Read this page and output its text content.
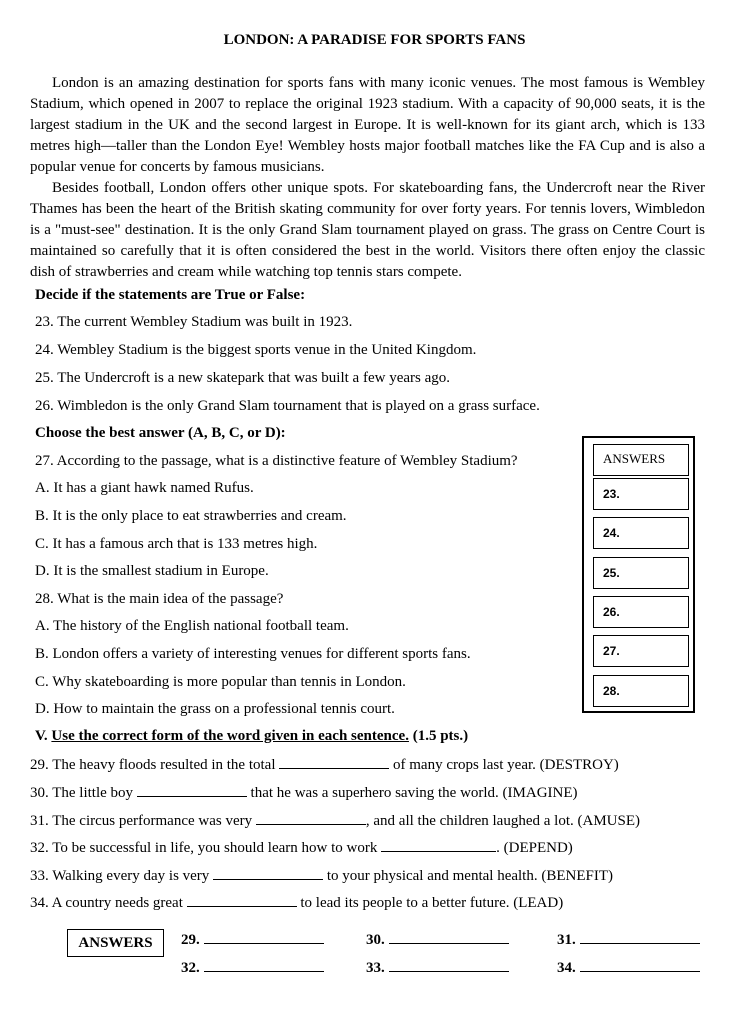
LONDON: A PARADISE FOR SPORTS FANS

London is an amazing destination for sports fans with many iconic venues. The most famous is Wembley Stadium, which opened in 2007 to replace the original 1923 stadium. With a capacity of 90,000 seats, it is the largest stadium in the UK and the second largest in Europe. It is well-known for its giant arch, which is 133 metres high—taller than the London Eye! Wembley hosts major football matches like the FA Cup and is also a popular venue for concerts by famous musicians.

Besides football, London offers other unique spots. For skateboarding fans, the Undercroft near the River Thames has been the heart of the British skating community for over forty years. For tennis lovers, Wimbledon is a "must-see" destination. It is the only Grand Slam tournament played on grass. The grass on Centre Court is maintained so carefully that it is often considered the best in the world. Visitors there often enjoy the classic dish of strawberries and cream while watching top tennis stars compete.

Decide if the statements are True or False:
23. The current Wembley Stadium was built in 1923.
24. Wembley Stadium is the biggest sports venue in the United Kingdom.
25. The Undercroft is a new skatepark that was built a few years ago.
26. Wimbledon is the only Grand Slam tournament that is played on a grass surface.
Choose the best answer (A, B, C, or D):
27. According to the passage, what is a distinctive feature of Wembley Stadium?
A. It has a giant hawk named Rufus.
B. It is the only place to eat strawberries and cream.
C. It has a famous arch that is 133 metres high.
D. It is the smallest stadium in Europe.
28. What is the main idea of the passage?
A. The history of the English national football team.
B. London offers a variety of interesting venues for different sports fans.
C. Why skateboarding is more popular than tennis in London.
D. How to maintain the grass on a professional tennis court.
ANSWERS
23.
24.
25.
26.
27.
28.
V. Use the correct form of the word given in each sentence. (1.5 pts.)
29. The heavy floods resulted in the total	of many crops last year. (DESTROY)
30. The little boy	that he was a superhero saving the world. (IMAGINE)
31. The circus performance was very	, and all the children laughed a lot. (AMUSE)
32. To be successful in life, you should learn how to work	. (DEPEND)
33. Walking every day is very	to your physical and mental health. (BENEFIT)
34. A country needs great	to lead its people to a better future. (LEAD)
ANSWERS	29.	30.	31.
32.	33.	34.
